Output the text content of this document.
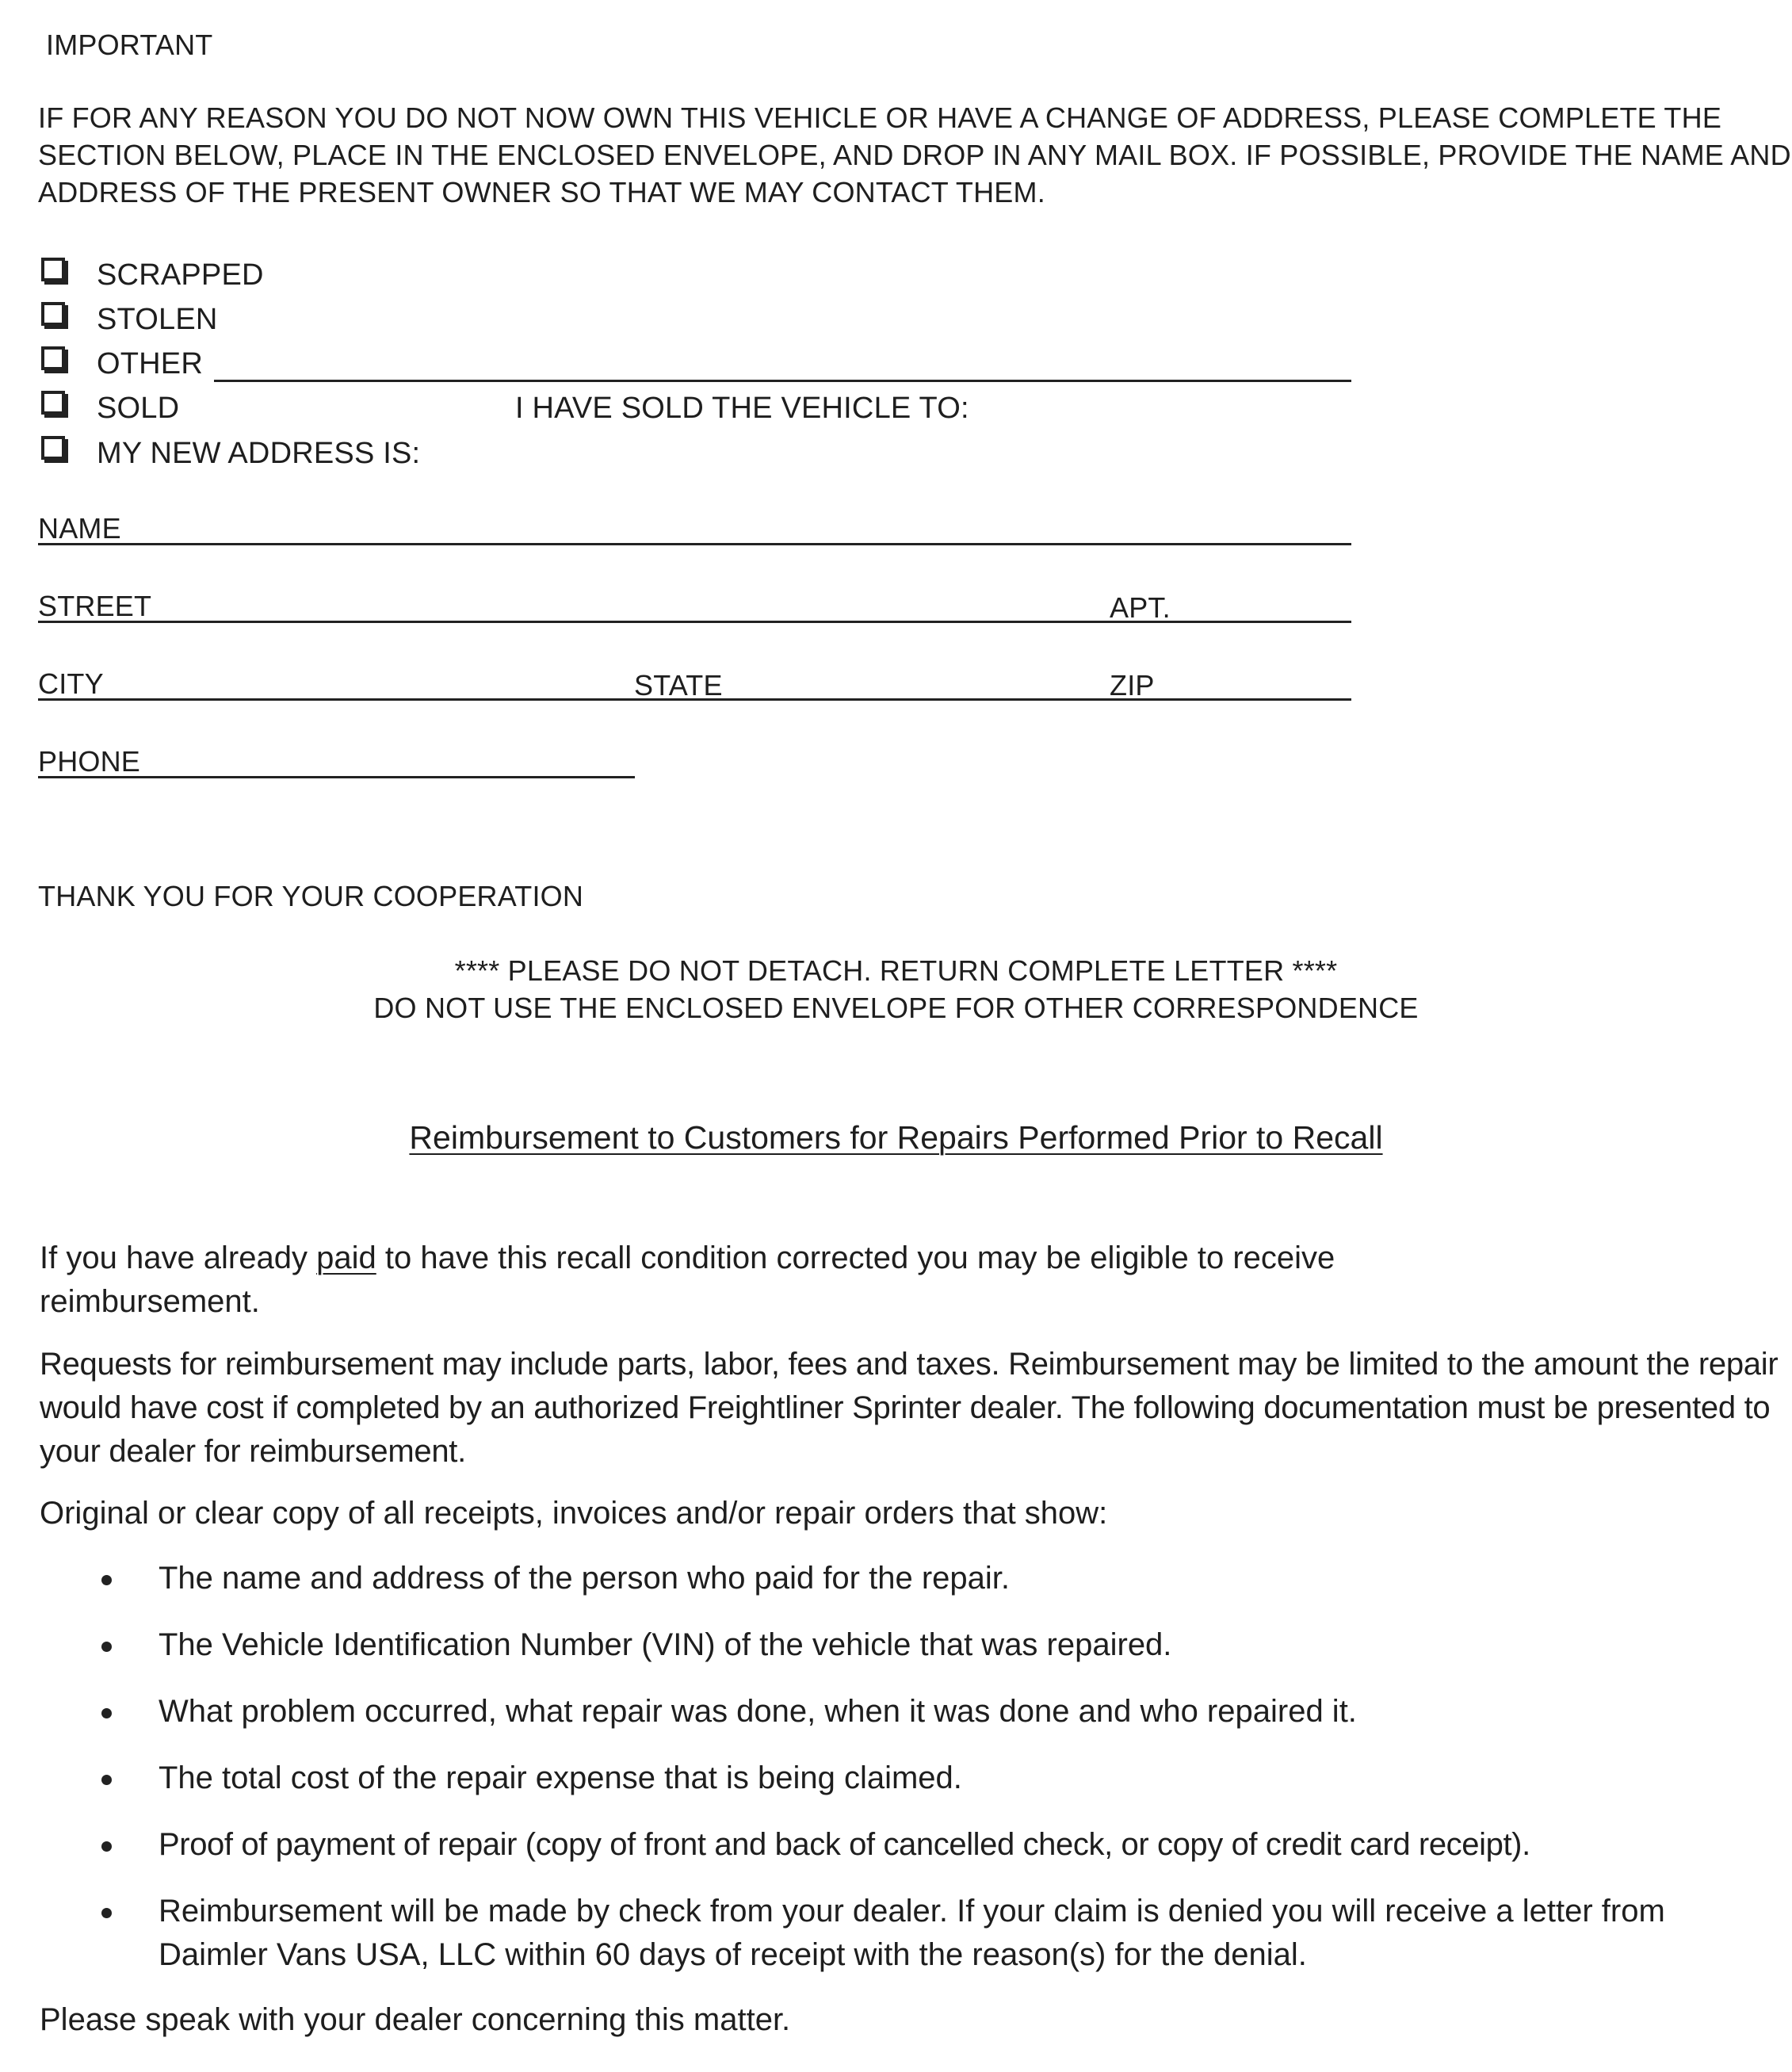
IMPORTANT
IF FOR ANY REASON YOU DO NOT NOW OWN THIS VEHICLE OR HAVE A CHANGE OF ADDRESS, PLEASE COMPLETE THE
SECTION BELOW, PLACE IN THE ENCLOSED ENVELOPE, AND DROP IN ANY MAIL BOX. IF POSSIBLE, PROVIDE THE NAME AND
ADDRESS OF THE PRESENT OWNER SO THAT WE MAY CONTACT THEM.
SCRAPPED
STOLEN
OTHER
SOLD	I HAVE SOLD THE VEHICLE TO:
MY NEW ADDRESS IS:
NAME
STREET	APT.
CITY	STATE	ZIP
PHONE
THANK YOU FOR YOUR COOPERATION
**** PLEASE DO NOT DETACH. RETURN COMPLETE LETTER ****
DO NOT USE THE ENCLOSED ENVELOPE FOR OTHER CORRESPONDENCE
Reimbursement to Customers for Repairs Performed Prior to Recall
If you have already paid to have this recall condition corrected you may be eligible to receive reimbursement.
Requests for reimbursement may include parts, labor, fees and taxes. Reimbursement may be limited to the amount the repair would have cost if completed by an authorized Freightliner Sprinter dealer. The following documentation must be presented to your dealer for reimbursement.
Original or clear copy of all receipts, invoices and/or repair orders that show:
The name and address of the person who paid for the repair.
The Vehicle Identification Number (VIN) of the vehicle that was repaired.
What problem occurred, what repair was done, when it was done and who repaired it.
The total cost of the repair expense that is being claimed.
Proof of payment of repair (copy of front and back of cancelled check, or copy of credit card receipt).
Reimbursement will be made by check from your dealer. If your claim is denied you will receive a letter from Daimler Vans USA, LLC within 60 days of receipt with the reason(s) for the denial.
Please speak with your dealer concerning this matter.
